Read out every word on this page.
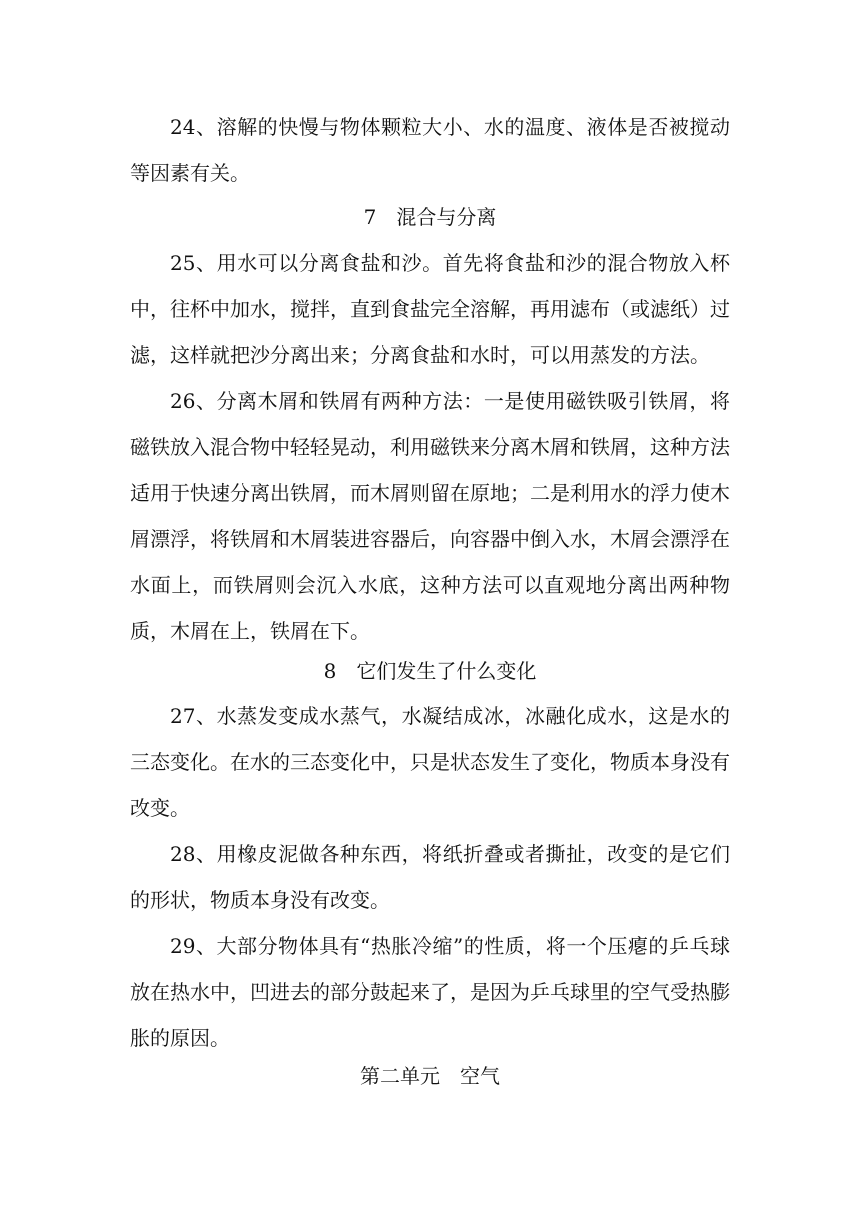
24、溶解的快慢与物体颗粒大小、水的温度、液体是否被搅动等因素有关。

7　混合与分离

25、用水可以分离食盐和沙。首先将食盐和沙的混合物放入杯中，往杯中加水，搅拌，直到食盐完全溶解，再用滤布（或滤纸）过滤，这样就把沙分离出来；分离食盐和水时，可以用蒸发的方法。

26、分离木屑和铁屑有两种方法：一是使用磁铁吸引铁屑，将磁铁放入混合物中轻轻晃动，利用磁铁来分离木屑和铁屑，这种方法适用于快速分离出铁屑，而木屑则留在原地；二是利用水的浮力使木屑漂浮，将铁屑和木屑装进容器后，向容器中倒入水，木屑会漂浮在水面上，而铁屑则会沉入水底，这种方法可以直观地分离出两种物质，木屑在上，铁屑在下。

8　它们发生了什么变化

27、水蒸发变成水蒸气，水凝结成冰，冰融化成水，这是水的三态变化。在水的三态变化中，只是状态发生了变化，物质本身没有改变。

28、用橡皮泥做各种东西，将纸折叠或者撕扯，改变的是它们的形状，物质本身没有改变。

29、大部分物体具有“热胀冷缩”的性质，将一个压瘪的乒乓球放在热水中，凹进去的部分鼓起来了，是因为乒乓球里的空气受热膨胀的原因。

第二单元　空气
